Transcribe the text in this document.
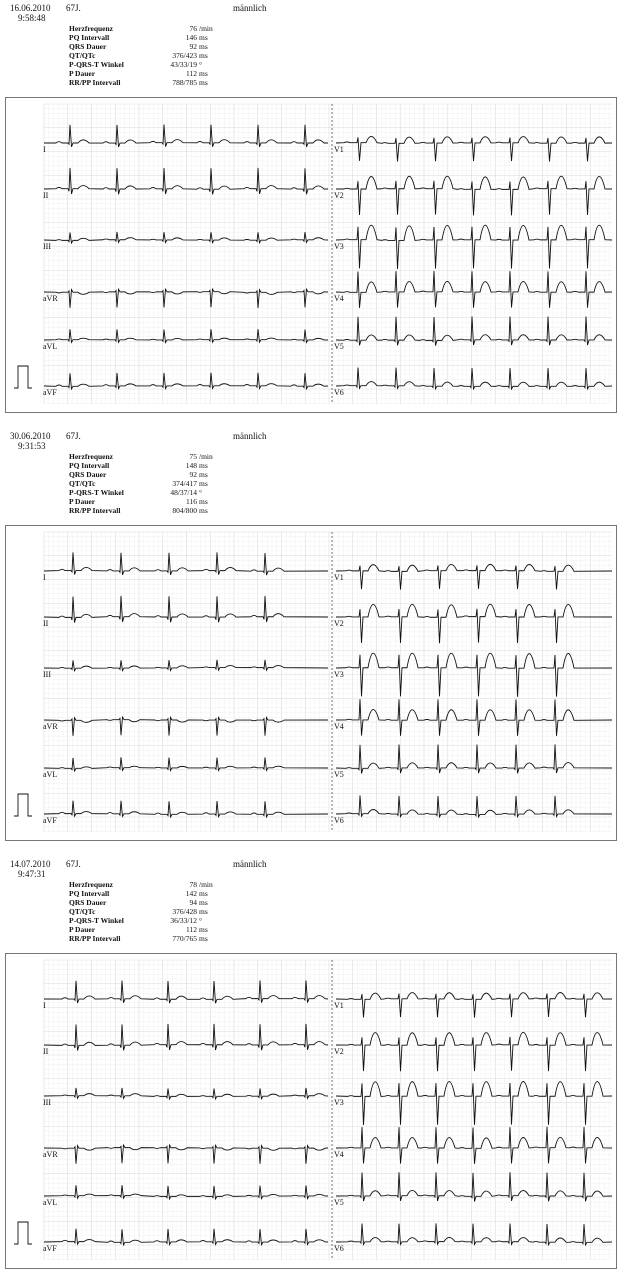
16.06.2010
9:58:48
67J.	männlich
Herzfrequenz	76 /min
PQ Intervall	146 ms
QRS Dauer	92 ms
QT/QTc	376/423 ms
P-QRS-T Winkel	43/33/19 °
P Dauer	112 ms
RR/PP Intervall	788/785 ms
I
II
III
aVR
aVL
aVF
V1
V2
V3
V4
V5
V6
30.06.2010
9:31:53
67J.	männlich
Herzfrequenz	75 /min
PQ Intervall	148 ms
QRS Dauer	92 ms
QT/QTc	374/417 ms
P-QRS-T Winkel	48/37/14 °
P Dauer	116 ms
RR/PP Intervall	804/800 ms
I
II
III
aVR
aVL
aVF
V1
V2
V3
V4
V5
V6
14.07.2010
9:47:31
67J.	männlich
Herzfrequenz	78 /min
PQ Intervall	142 ms
QRS Dauer	94 ms
QT/QTc	376/428 ms
P-QRS-T Winkel	36/33/12 °
P Dauer	112 ms
RR/PP Intervall	770/765 ms
I
II
III
aVR
aVL
aVF
V1
V2
V3
V4
V5
V6
